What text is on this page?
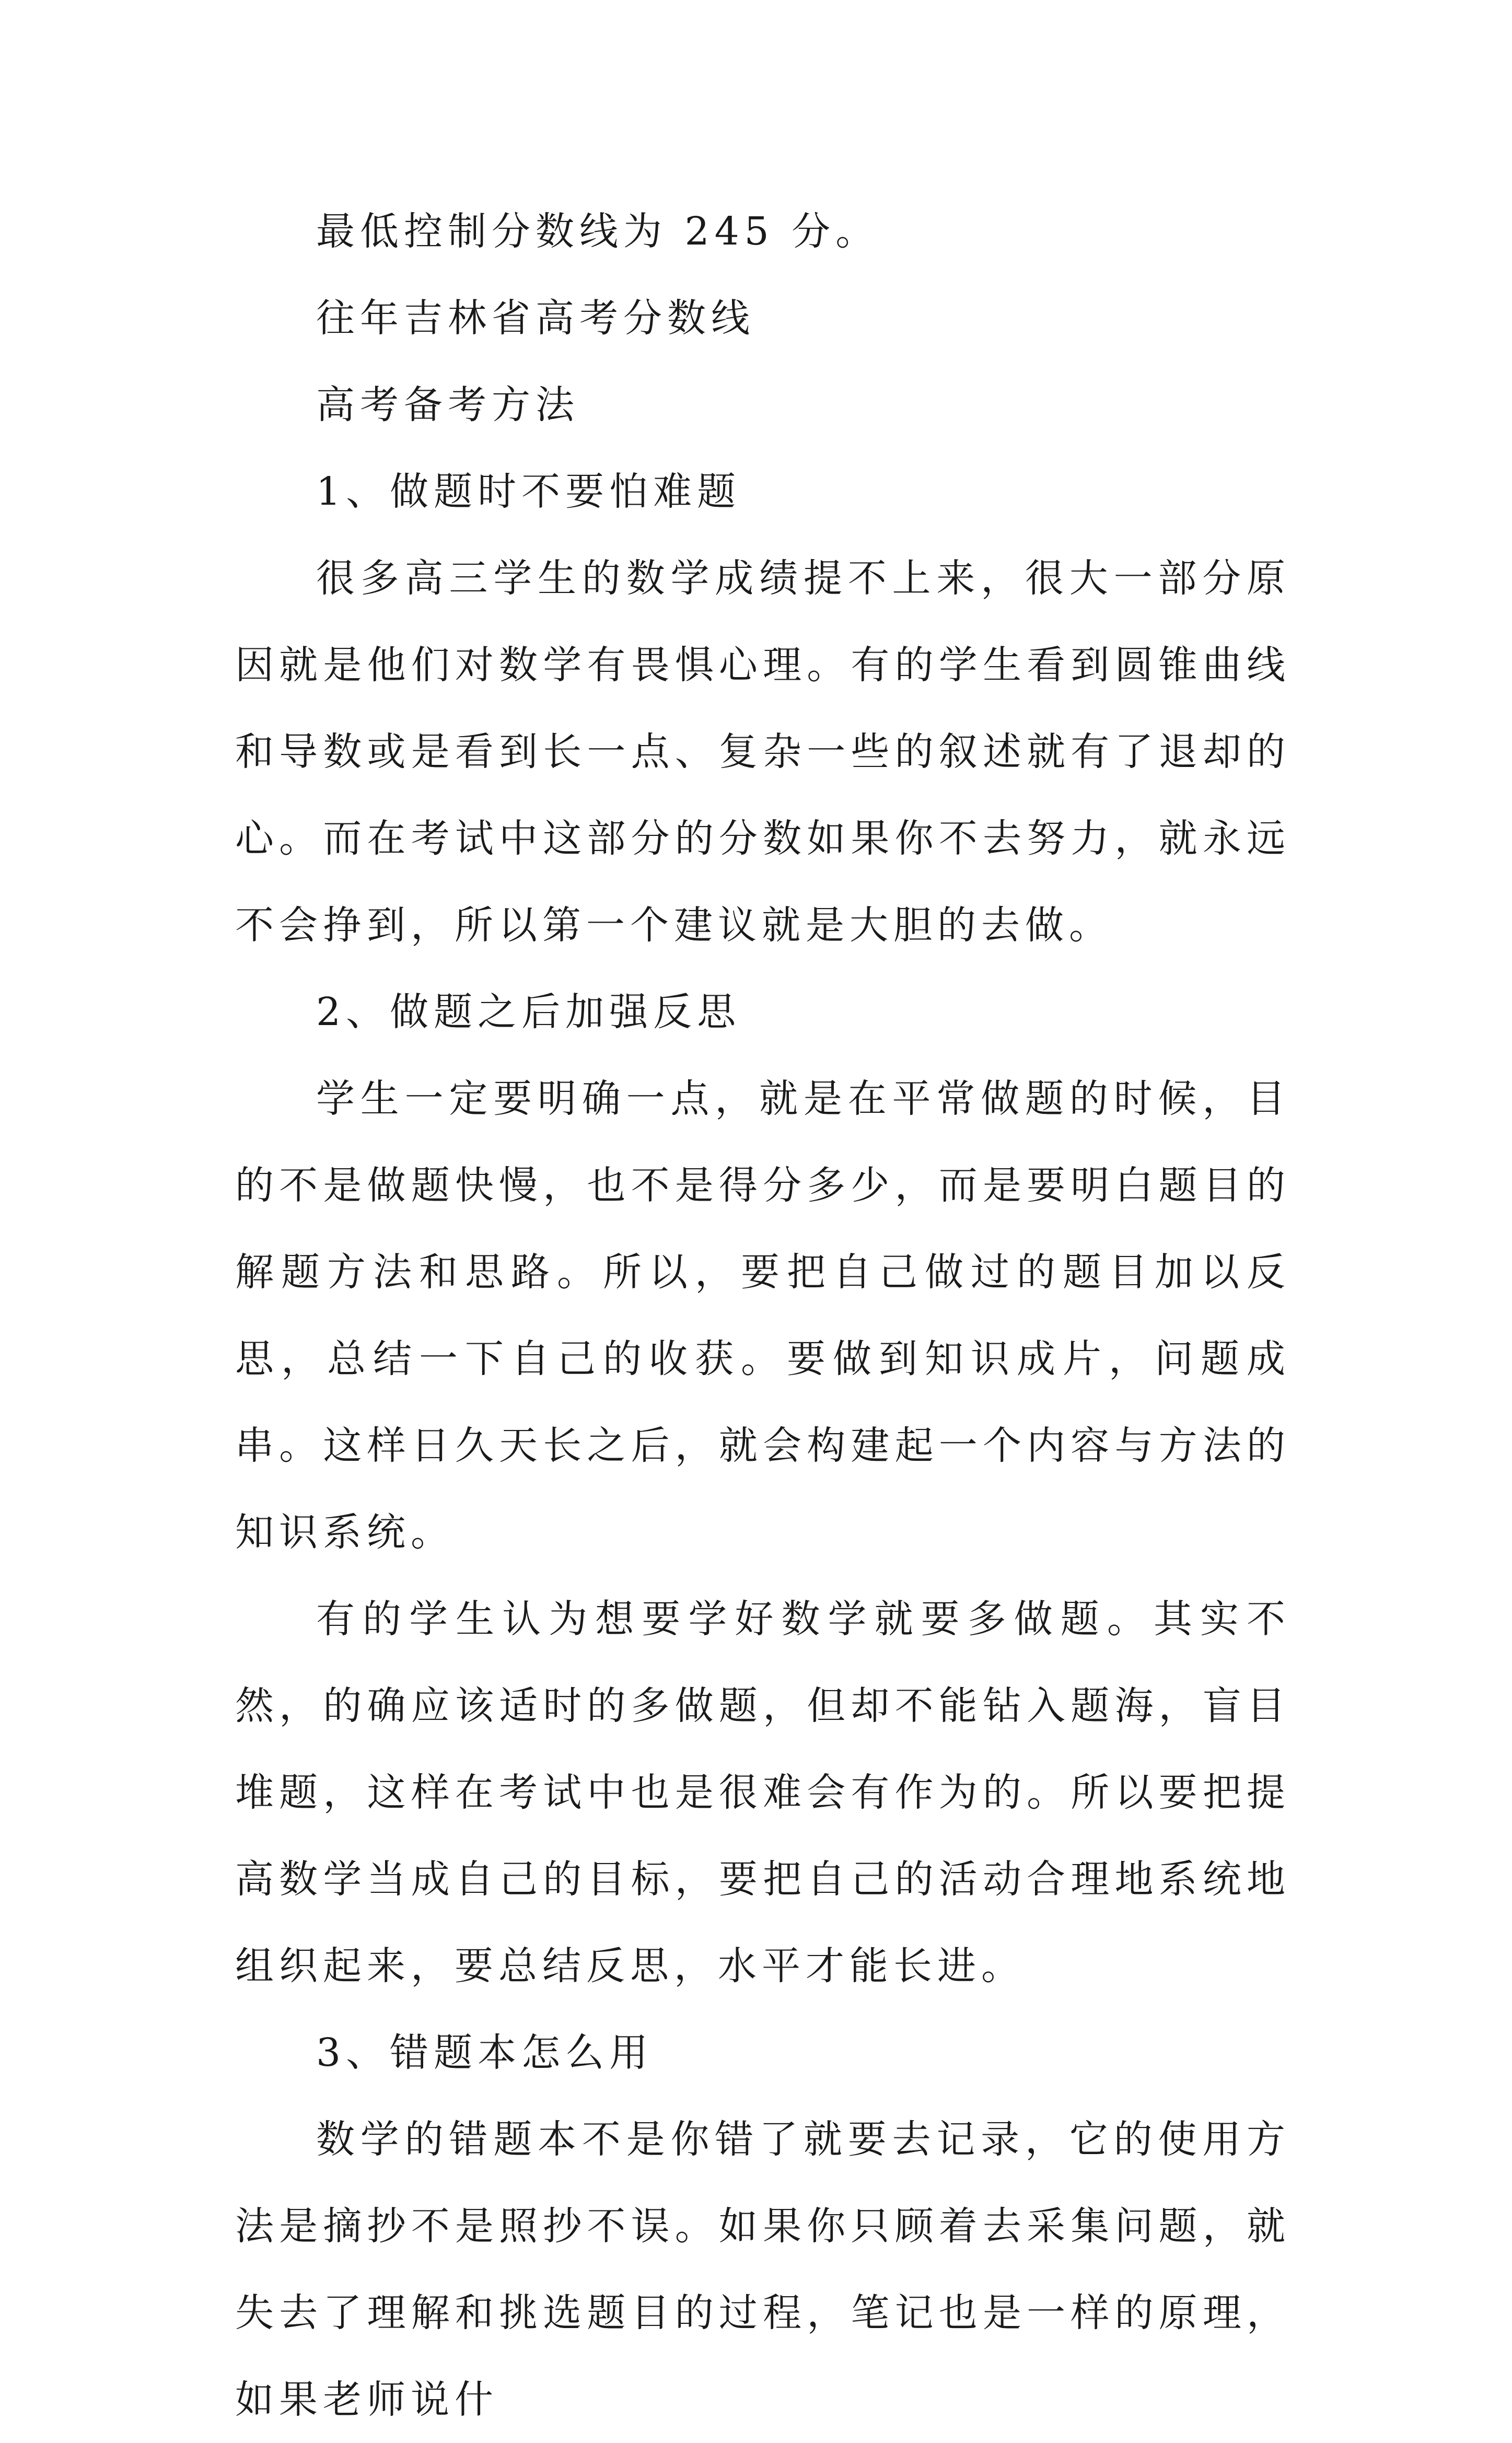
最低控制分数线为 245 分。

往年吉林省高考分数线

高考备考方法

1、做题时不要怕难题

很多高三学生的数学成绩提不上来，很大一部分原因就是他们对数学有畏惧心理。有的学生看到圆锥曲线和导数或是看到长一点、复杂一些的叙述就有了退却的心。而在考试中这部分的分数如果你不去努力，就永远不会挣到，所以第一个建议就是大胆的去做。

2、做题之后加强反思

学生一定要明确一点，就是在平常做题的时候，目的不是做题快慢，也不是得分多少，而是要明白题目的解题方法和思路。所以，要把自己做过的题目加以反思，总结一下自己的收获。要做到知识成片，问题成串。这样日久天长之后，就会构建起一个内容与方法的知识系统。

有的学生认为想要学好数学就要多做题。其实不然，的确应该适时的多做题，但却不能钻入题海，盲目堆题，这样在考试中也是很难会有作为的。所以要把提高数学当成自己的目标，要把自己的活动合理地系统地组织起来，要总结反思，水平才能长进。

3、错题本怎么用

数学的错题本不是你错了就要去记录，它的使用方法是摘抄不是照抄不误。如果你只顾着去采集问题，就失去了理解和挑选题目的过程，笔记也是一样的原理，如果老师说什
